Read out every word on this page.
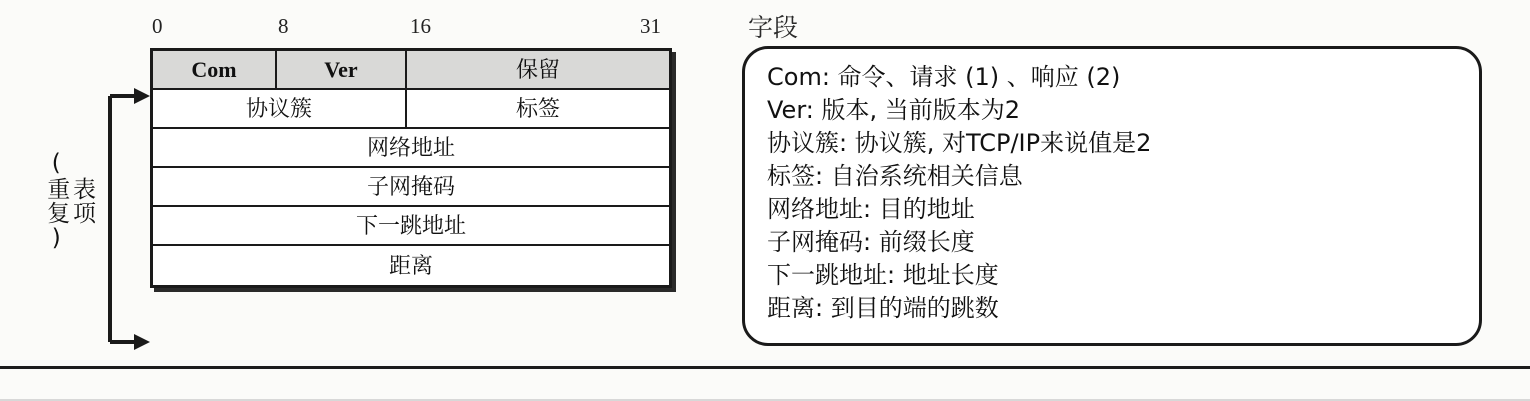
0	8	16	31
表项
(重复)
Com	Ver	保留
协议簇	标签
网络地址
子网掩码
下一跳地址
距离
字段
Com: 命令、请求 (1) 、响应 (2)
Ver: 版本, 当前版本为2
协议簇: 协议簇, 对TCP/IP来说值是2
标签: 自治系统相关信息
网络地址: 目的地址
子网掩码: 前缀长度
下一跳地址: 地址长度
距离: 到目的端的跳数
